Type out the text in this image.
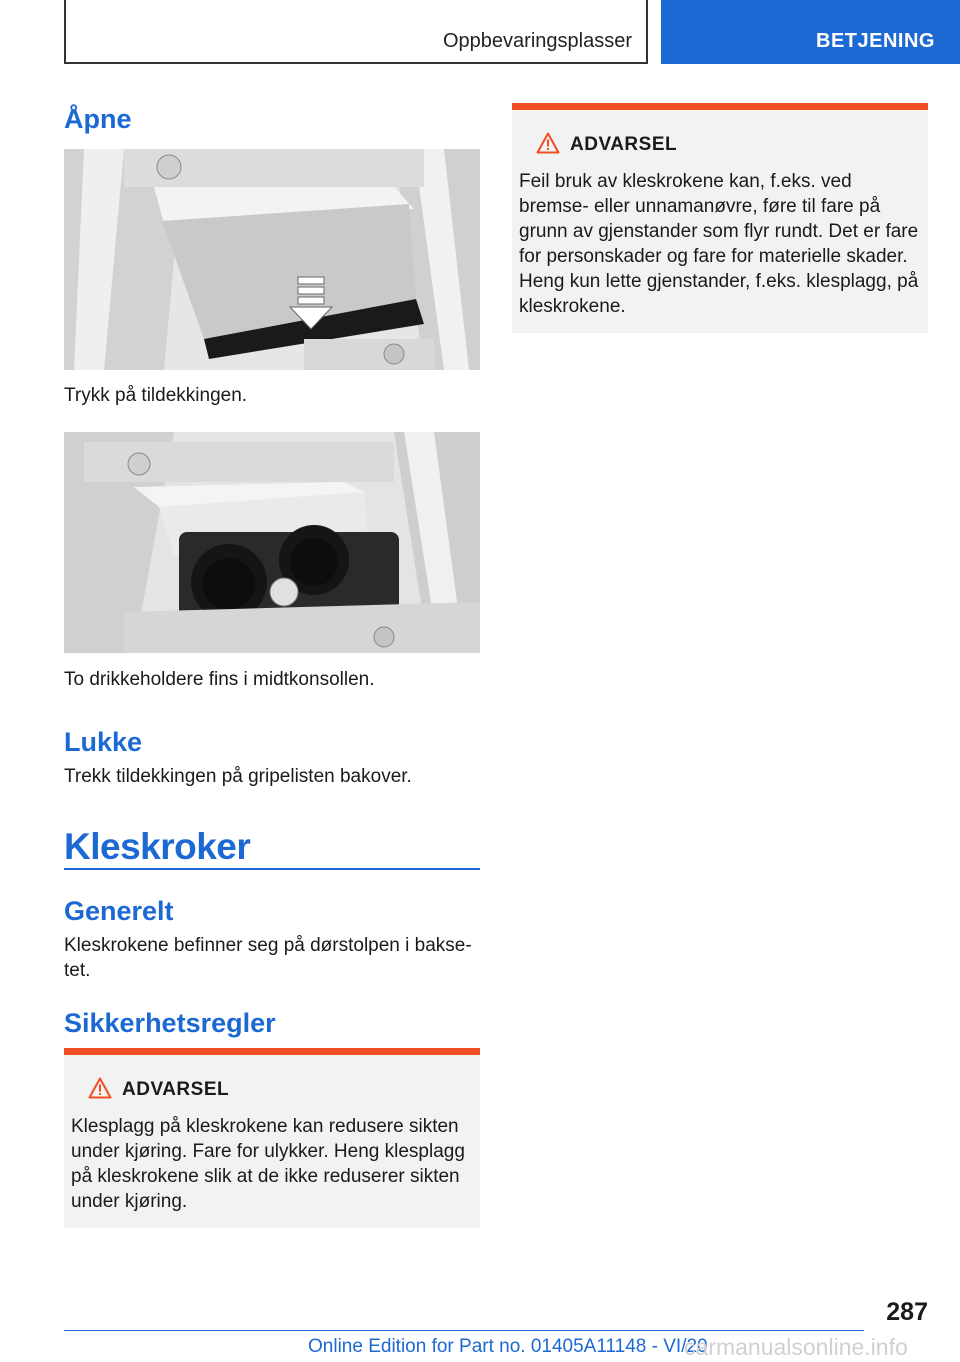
Oppbevaringsplasser	BETJENING
Åpne

Trykk på tildekkingen.

To drikkeholdere fins i midtkonsollen.

Lukke

Trekk tildekkingen på gripelisten bakover.

Kleskroker
Generelt

Kleskrokene befinner seg på dørstolpen i bakse-
tet.

Sikkerhetsregler
ADVARSEL

Klesplagg på kleskrokene kan redusere sikten
under kjøring. Fare for ulykker. Heng klesplagg
på kleskrokene slik at de ikke reduserer sikten
under kjøring.

ADVARSEL

Feil bruk av kleskrokene kan, f.eks. ved
bremse- eller unnamanøvre, føre til fare på
grunn av gjenstander som flyr rundt. Det er fare
for personskader og fare for materielle skader.
Heng kun lette gjenstander, f.eks. klesplagg, på
kleskrokene.

287
Online Edition for Part no. 01405A11148 - VI/20
carmanualsonline.info
